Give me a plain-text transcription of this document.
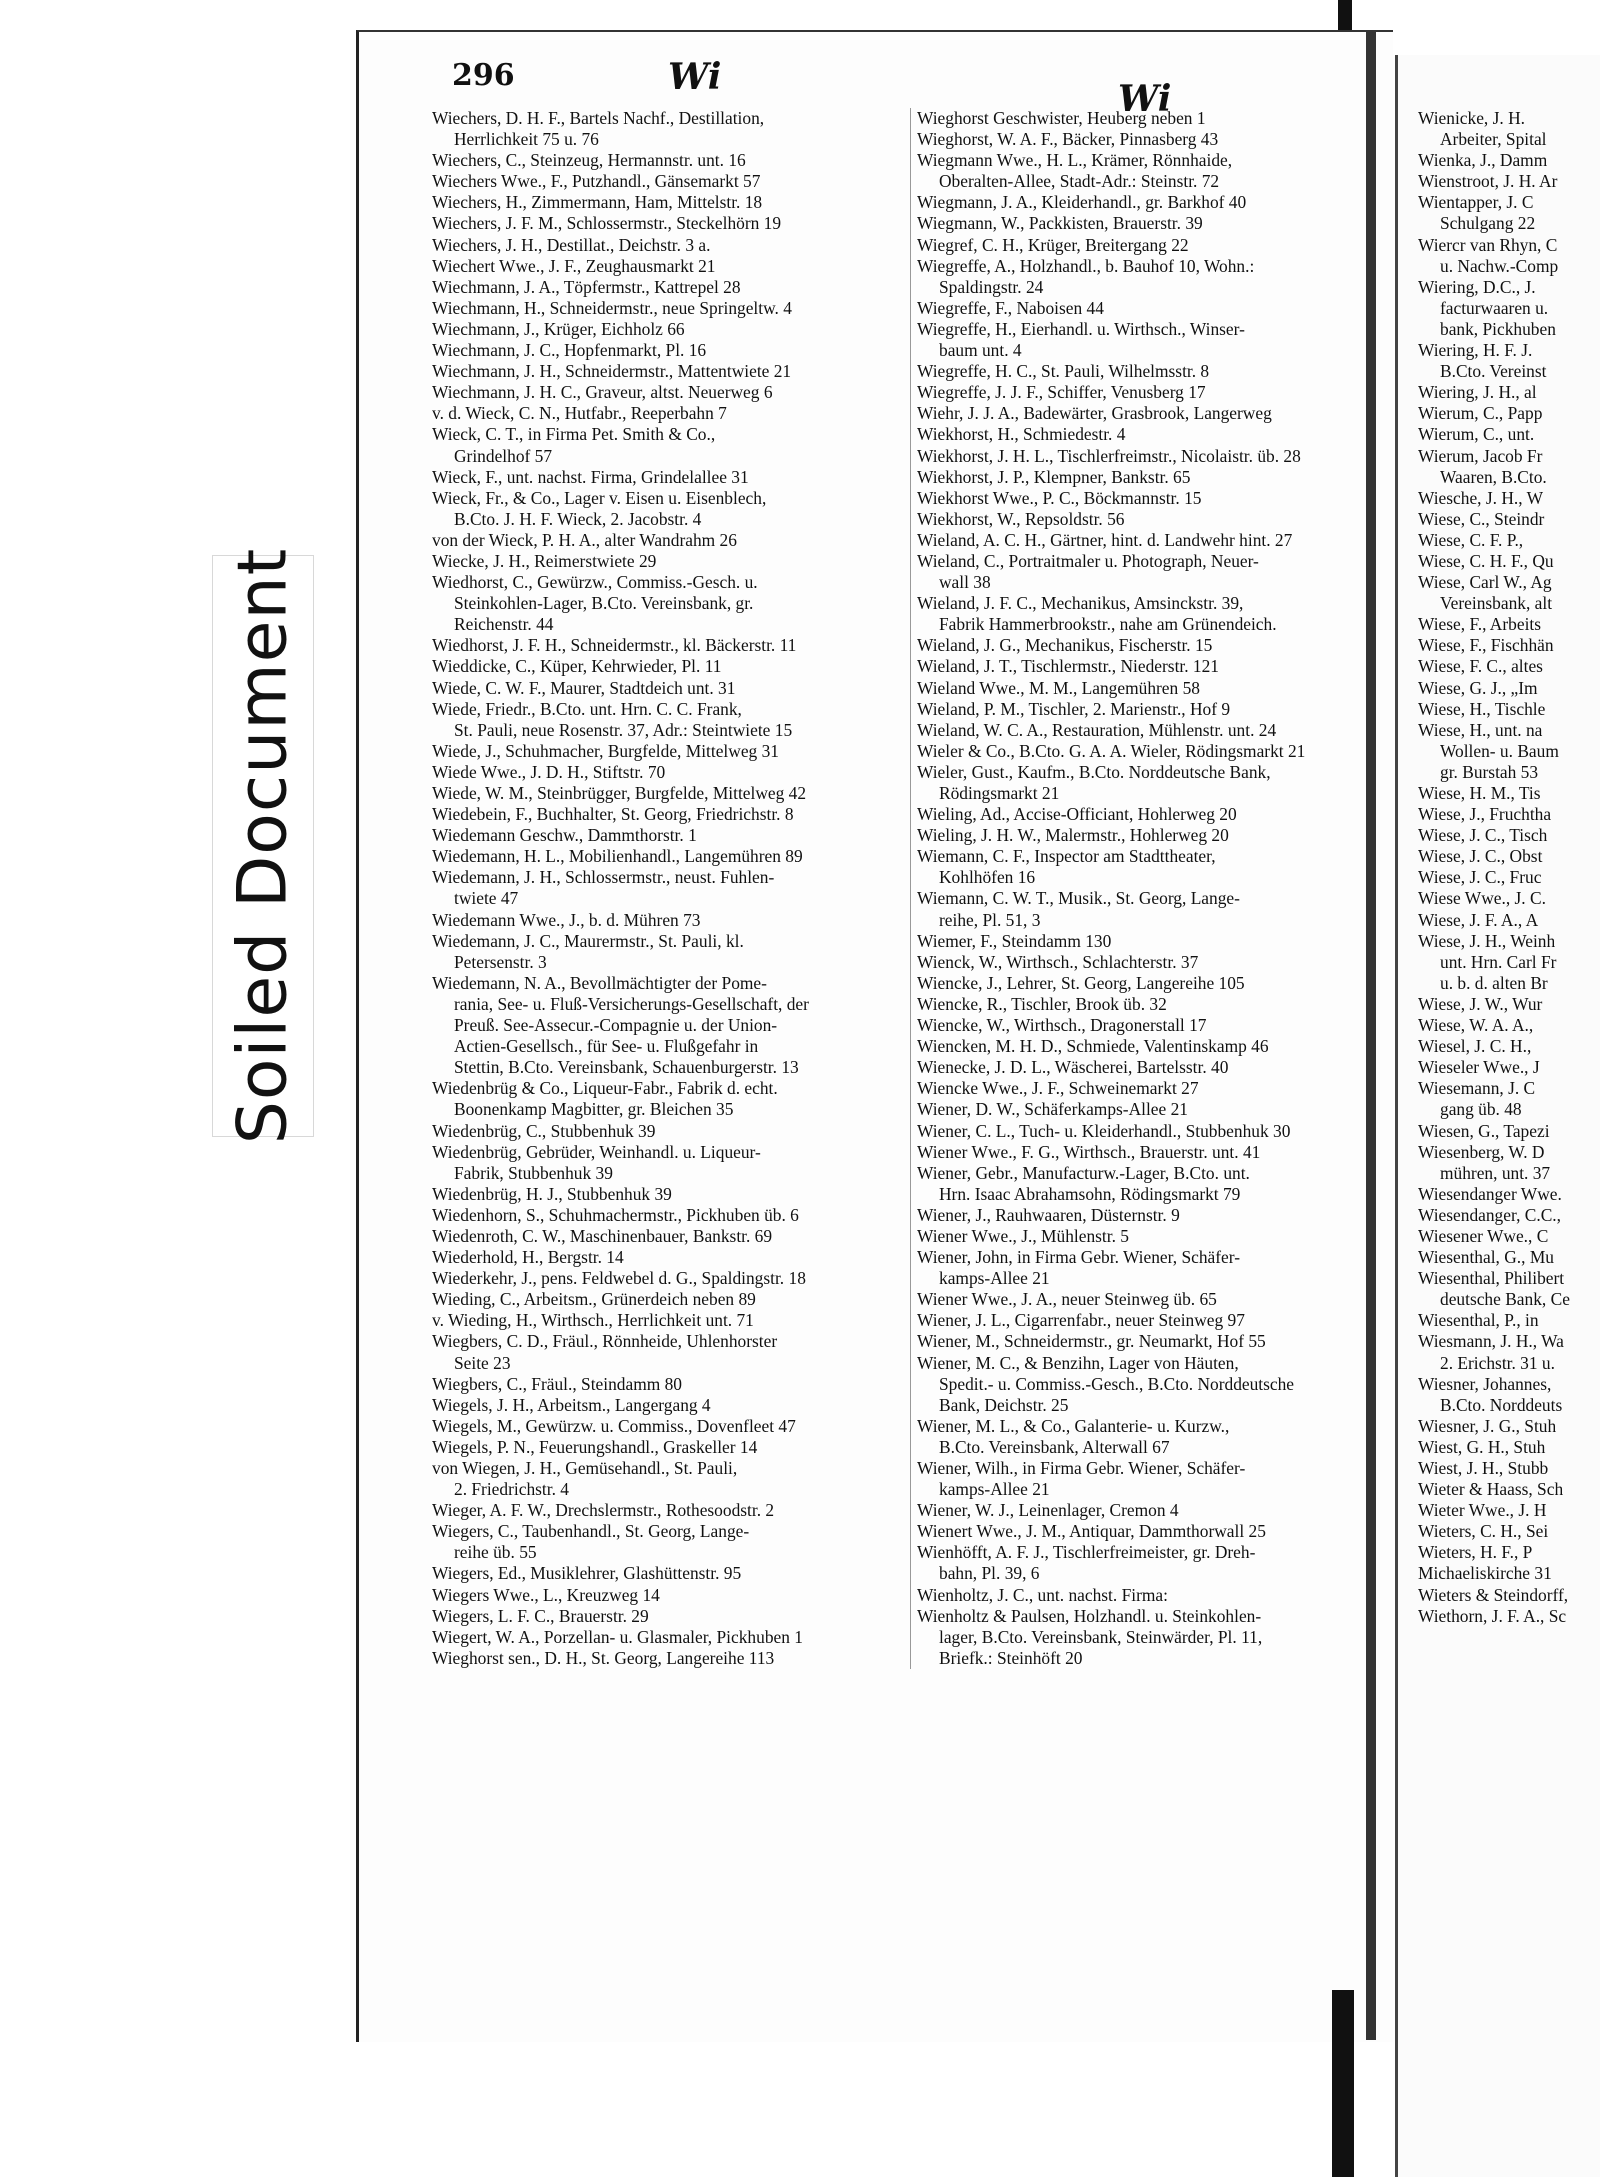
Soiled Document
296	Wi
Wi
Wiechers, D. H. F., Bartels Nachf., Destillation,
Herrlichkeit 75 u. 76
Wiechers, C., Steinzeug, Hermannstr. unt. 16
Wiechers Wwe., F., Putzhandl., Gänsemarkt 57
Wiechers, H., Zimmermann, Ham, Mittelstr. 18
Wiechers, J. F. M., Schlossermstr., Steckelhörn 19
Wiechers, J. H., Destillat., Deichstr. 3 a.
Wiechert Wwe., J. F., Zeughausmarkt 21
Wiechmann, J. A., Töpfermstr., Kattrepel 28
Wiechmann, H., Schneidermstr., neue Springeltw. 4
Wiechmann, J., Krüger, Eichholz 66
Wiechmann, J. C., Hopfenmarkt, Pl. 16
Wiechmann, J. H., Schneidermstr., Mattentwiete 21
Wiechmann, J. H. C., Graveur, altst. Neuerweg 6
v. d. Wieck, C. N., Hutfabr., Reeperbahn 7
Wieck, C. T., in Firma Pet. Smith & Co.,
Grindelhof 57
Wieck, F., unt. nachst. Firma, Grindelallee 31
Wieck, Fr., & Co., Lager v. Eisen u. Eisenblech,
B.Cto. J. H. F. Wieck, 2. Jacobstr. 4
von der Wieck, P. H. A., alter Wandrahm 26
Wiecke, J. H., Reimerstwiete 29
Wiedhorst, C., Gewürzw., Commiss.-Gesch. u.
Steinkohlen-Lager, B.Cto. Vereinsbank, gr.
Reichenstr. 44
Wiedhorst, J. F. H., Schneidermstr., kl. Bäckerstr. 11
Wieddicke, C., Küper, Kehrwieder, Pl. 11
Wiede, C. W. F., Maurer, Stadtdeich unt. 31
Wiede, Friedr., B.Cto. unt. Hrn. C. C. Frank,
St. Pauli, neue Rosenstr. 37, Adr.: Steintwiete 15
Wiede, J., Schuhmacher, Burgfelde, Mittelweg 31
Wiede Wwe., J. D. H., Stiftstr. 70
Wiede, W. M., Steinbrügger, Burgfelde, Mittelweg 42
Wiedebein, F., Buchhalter, St. Georg, Friedrichstr. 8
Wiedemann Geschw., Dammthorstr. 1
Wiedemann, H. L., Mobilienhandl., Langemühren 89
Wiedemann, J. H., Schlossermstr., neust. Fuhlen-
twiete 47
Wiedemann Wwe., J., b. d. Mühren 73
Wiedemann, J. C., Maurermstr., St. Pauli, kl.
Petersenstr. 3
Wiedemann, N. A., Bevollmächtigter der Pome-
rania, See- u. Fluß-Versicherungs-Gesellschaft, der
Preuß. See-Assecur.-Compagnie u. der Union-
Actien-Gesellsch., für See- u. Flußgefahr in
Stettin, B.Cto. Vereinsbank, Schauenburgerstr. 13
Wiedenbrüg & Co., Liqueur-Fabr., Fabrik d. echt.
Boonenkamp Magbitter, gr. Bleichen 35
Wiedenbrüg, C., Stubbenhuk 39
Wiedenbrüg, Gebrüder, Weinhandl. u. Liqueur-
Fabrik, Stubbenhuk 39
Wiedenbrüg, H. J., Stubbenhuk 39
Wiedenhorn, S., Schuhmachermstr., Pickhuben üb. 6
Wiedenroth, C. W., Maschinenbauer, Bankstr. 69
Wiederhold, H., Bergstr. 14
Wiederkehr, J., pens. Feldwebel d. G., Spaldingstr. 18
Wieding, C., Arbeitsm., Grünerdeich neben 89
v. Wieding, H., Wirthsch., Herrlichkeit unt. 71
Wiegbers, C. D., Fräul., Rönnheide, Uhlenhorster
Seite 23
Wiegbers, C., Fräul., Steindamm 80
Wiegels, J. H., Arbeitsm., Langergang 4
Wiegels, M., Gewürzw. u. Commiss., Dovenfleet 47
Wiegels, P. N., Feuerungshandl., Graskeller 14
von Wiegen, J. H., Gemüsehandl., St. Pauli,
2. Friedrichstr. 4
Wieger, A. F. W., Drechslermstr., Rothesoodstr. 2
Wiegers, C., Taubenhandl., St. Georg, Lange-
reihe üb. 55
Wiegers, Ed., Musiklehrer, Glashüttenstr. 95
Wiegers Wwe., L., Kreuzweg 14
Wiegers, L. F. C., Brauerstr. 29
Wiegert, W. A., Porzellan- u. Glasmaler, Pickhuben 1
Wieghorst sen., D. H., St. Georg, Langereihe 113
Wieghorst Geschwister, Heuberg neben 1
Wieghorst, W. A. F., Bäcker, Pinnasberg 43
Wiegmann Wwe., H. L., Krämer, Rönnhaide,
Oberalten-Allee, Stadt-Adr.: Steinstr. 72
Wiegmann, J. A., Kleiderhandl., gr. Barkhof 40
Wiegmann, W., Packkisten, Brauerstr. 39
Wiegref, C. H., Krüger, Breitergang 22
Wiegreffe, A., Holzhandl., b. Bauhof 10, Wohn.:
Spaldingstr. 24
Wiegreffe, F., Naboisen 44
Wiegreffe, H., Eierhandl. u. Wirthsch., Winser-
baum unt. 4
Wiegreffe, H. C., St. Pauli, Wilhelmsstr. 8
Wiegreffe, J. J. F., Schiffer, Venusberg 17
Wiehr, J. J. A., Badewärter, Grasbrook, Langerweg
Wiekhorst, H., Schmiedestr. 4
Wiekhorst, J. H. L., Tischlerfreimstr., Nicolaistr. üb. 28
Wiekhorst, J. P., Klempner, Bankstr. 65
Wiekhorst Wwe., P. C., Böckmannstr. 15
Wiekhorst, W., Repsoldstr. 56
Wieland, A. C. H., Gärtner, hint. d. Landwehr hint. 27
Wieland, C., Portraitmaler u. Photograph, Neuer-
wall 38
Wieland, J. F. C., Mechanikus, Amsinckstr. 39,
Fabrik Hammerbrookstr., nahe am Grünendeich.
Wieland, J. G., Mechanikus, Fischerstr. 15
Wieland, J. T., Tischlermstr., Niederstr. 121
Wieland Wwe., M. M., Langemühren 58
Wieland, P. M., Tischler, 2. Marienstr., Hof 9
Wieland, W. C. A., Restauration, Mühlenstr. unt. 24
Wieler & Co., B.Cto. G. A. A. Wieler, Rödingsmarkt 21
Wieler, Gust., Kaufm., B.Cto. Norddeutsche Bank,
Rödingsmarkt 21
Wieling, Ad., Accise-Officiant, Hohlerweg 20
Wieling, J. H. W., Malermstr., Hohlerweg 20
Wiemann, C. F., Inspector am Stadttheater,
Kohlhöfen 16
Wiemann, C. W. T., Musik., St. Georg, Lange-
reihe, Pl. 51, 3
Wiemer, F., Steindamm 130
Wienck, W., Wirthsch., Schlachterstr. 37
Wiencke, J., Lehrer, St. Georg, Langereihe 105
Wiencke, R., Tischler, Brook üb. 32
Wiencke, W., Wirthsch., Dragonerstall 17
Wiencken, M. H. D., Schmiede, Valentinskamp 46
Wienecke, J. D. L., Wäscherei, Bartelsstr. 40
Wiencke Wwe., J. F., Schweinemarkt 27
Wiener, D. W., Schäferkamps-Allee 21
Wiener, C. L., Tuch- u. Kleiderhandl., Stubbenhuk 30
Wiener Wwe., F. G., Wirthsch., Brauerstr. unt. 41
Wiener, Gebr., Manufacturw.-Lager, B.Cto. unt.
Hrn. Isaac Abrahamsohn, Rödingsmarkt 79
Wiener, J., Rauhwaaren, Düsternstr. 9
Wiener Wwe., J., Mühlenstr. 5
Wiener, John, in Firma Gebr. Wiener, Schäfer-
kamps-Allee 21
Wiener Wwe., J. A., neuer Steinweg üb. 65
Wiener, J. L., Cigarrenfabr., neuer Steinweg 97
Wiener, M., Schneidermstr., gr. Neumarkt, Hof 55
Wiener, M. C., & Benzihn, Lager von Häuten,
Spedit.- u. Commiss.-Gesch., B.Cto. Norddeutsche
Bank, Deichstr. 25
Wiener, M. L., & Co., Galanterie- u. Kurzw.,
B.Cto. Vereinsbank, Alterwall 67
Wiener, Wilh., in Firma Gebr. Wiener, Schäfer-
kamps-Allee 21
Wiener, W. J., Leinenlager, Cremon 4
Wienert Wwe., J. M., Antiquar, Dammthorwall 25
Wienhöfft, A. F. J., Tischlerfreimeister, gr. Dreh-
bahn, Pl. 39, 6
Wienholtz, J. C., unt. nachst. Firma:
Wienholtz & Paulsen, Holzhandl. u. Steinkohlen-
lager, B.Cto. Vereinsbank, Steinwärder, Pl. 11,
Briefk.: Steinhöft 20
Wienicke, J. H.
Arbeiter, Spital
Wienka, J., Damm
Wienstroot, J. H. Ar
Wientapper, J. C
Schulgang 22
Wiercr van Rhyn, C
u. Nachw.-Comp
Wiering, D.C., J.
facturwaaren u.
bank, Pickhuben
Wiering, H. F. J.
B.Cto. Vereinst
Wiering, J. H., al
Wierum, C., Papp
Wierum, C., unt.
Wierum, Jacob Fr
Waaren, B.Cto.
Wiesche, J. H., W
Wiese, C., Steindr
Wiese, C. F. P.,
Wiese, C. H. F., Qu
Wiese, Carl W., Ag
Vereinsbank, alt
Wiese, F., Arbeits
Wiese, F., Fischhän
Wiese, F. C., altes
Wiese, G. J., „Im
Wiese, H., Tischle
Wiese, H., unt. na
Wollen- u. Baum
gr. Burstah 53
Wiese, H. M., Tis
Wiese, J., Fruchtha
Wiese, J. C., Tisch
Wiese, J. C., Obst
Wiese, J. C., Fruc
Wiese Wwe., J. C.
Wiese, J. F. A., A
Wiese, J. H., Weinh
unt. Hrn. Carl Fr
u. b. d. alten Br
Wiese, J. W., Wur
Wiese, W. A. A.,
Wiesel, J. C. H.,
Wieseler Wwe., J
Wiesemann, J. C
gang üb. 48
Wiesen, G., Tapezi
Wiesenberg, W. D
mühren, unt. 37
Wiesendanger Wwe.
Wiesendanger, C.C.,
Wiesener Wwe., C
Wiesenthal, G., Mu
Wiesenthal, Philibert
deutsche Bank, Ce
Wiesenthal, P., in
Wiesmann, J. H., Wa
2. Erichstr. 31 u.
Wiesner, Johannes,
B.Cto. Norddeuts
Wiesner, J. G., Stuh
Wiest, G. H., Stuh
Wiest, J. H., Stubb
Wieter & Haass, Sch
Wieter Wwe., J. H
Wieters, C. H., Sei
Wieters, H. F., P
Michaeliskirche 31
Wieters & Steindorff,
Wiethorn, J. F. A., Sc
